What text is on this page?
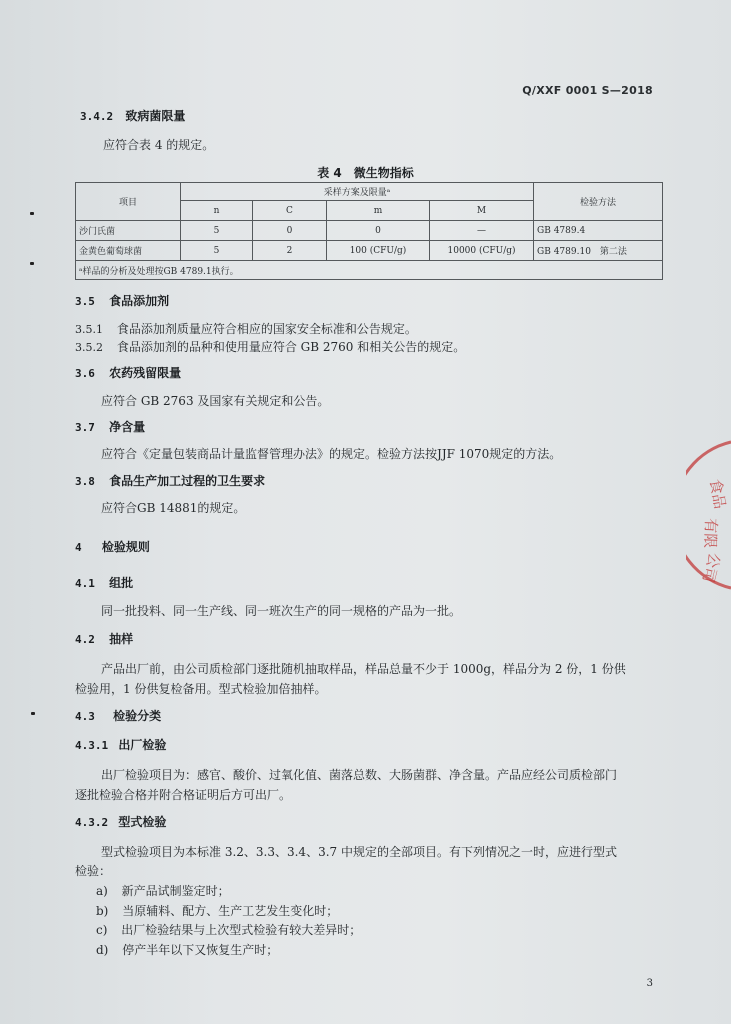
Q/XXF 0001 S—2018
3.4.2 致病菌限量
应符合表 4 的规定。
表 4　微生物指标
项目	采样方案及限量ᵃ				检验方法
	n	C	m	M	
沙门氏菌	5	0	0	—	GB 4789.4
金黄色葡萄球菌	5	2	100 (CFU/g)	10000 (CFU/g)	GB 4789.10　第二法
ᵃ样品的分析及处理按GB 4789.1执行。					
3.5 食品添加剂
3.5.1 食品添加剂质量应符合相应的国家安全标准和公告规定。
3.5.2 食品添加剂的品种和使用量应符合 GB 2760 和相关公告的规定。
3.6 农药残留限量
应符合 GB 2763 及国家有关规定和公告。
3.7 净含量
应符合《定量包装商品计量监督管理办法》的规定。检验方法按JJF 1070规定的方法。
3.8 食品生产加工过程的卫生要求
应符合GB 14881的规定。
4 检验规则
4.1 组批
同一批投料、同一生产线、同一班次生产的同一规格的产品为一批。
4.2 抽样
产品出厂前，由公司质检部门逐批随机抽取样品，样品总量不少于 1000g，样品分为 2 份，1 份供
检验用，1 份供复检备用。型式检验加倍抽样。
4.3 检验分类
4.3.1 出厂检验
出厂检验项目为：感官、酸价、过氧化值、菌落总数、大肠菌群、净含量。产品应经公司质检部门
逐批检验合格并附合格证明后方可出厂。
4.3.2 型式检验
型式检验项目为本标准 3.2、3.3、3.4、3.7 中规定的全部项目。有下列情况之一时，应进行型式
检验：
a) 新产品试制鉴定时；
b) 当原辅料、配方、生产工艺发生变化时；
c) 出厂检验结果与上次型式检验有较大差异时；
d) 停产半年以下又恢复生产时；
3
食品
有限
公司
